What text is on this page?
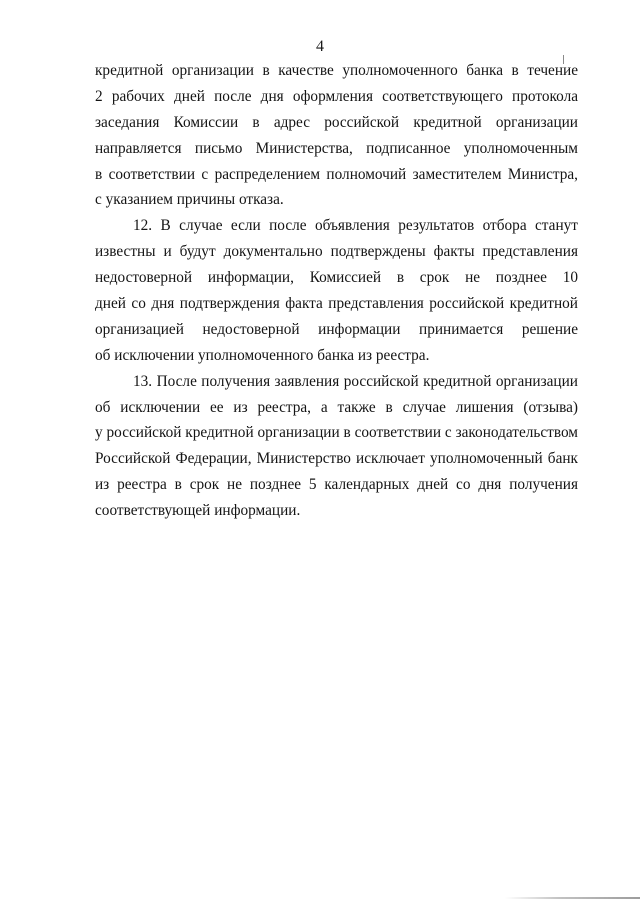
4
кредитной организации в качестве уполномоченного банка в течение
2 рабочих дней после дня оформления соответствующего протокола
заседания Комиссии в адрес российской кредитной организации
направляется письмо Министерства, подписанное уполномоченным
в соответствии с распределением полномочий заместителем Министра,
с указанием причины отказа.
12. В случае если после объявления результатов отбора станут
известны и будут документально подтверждены факты представления
недостоверной информации, Комиссией в срок не позднее 10
дней со дня подтверждения факта представления российской кредитной
организацией недостоверной информации принимается решение
об исключении уполномоченного банка из реестра.
13. После получения заявления российской кредитной организации
об исключении ее из реестра, а также в случае лишения (отзыва)
у российской кредитной организации в соответствии с законодательством
Российской Федерации, Министерство исключает уполномоченный банк
из реестра в срок не позднее 5 календарных дней со дня получения
соответствующей информации.
